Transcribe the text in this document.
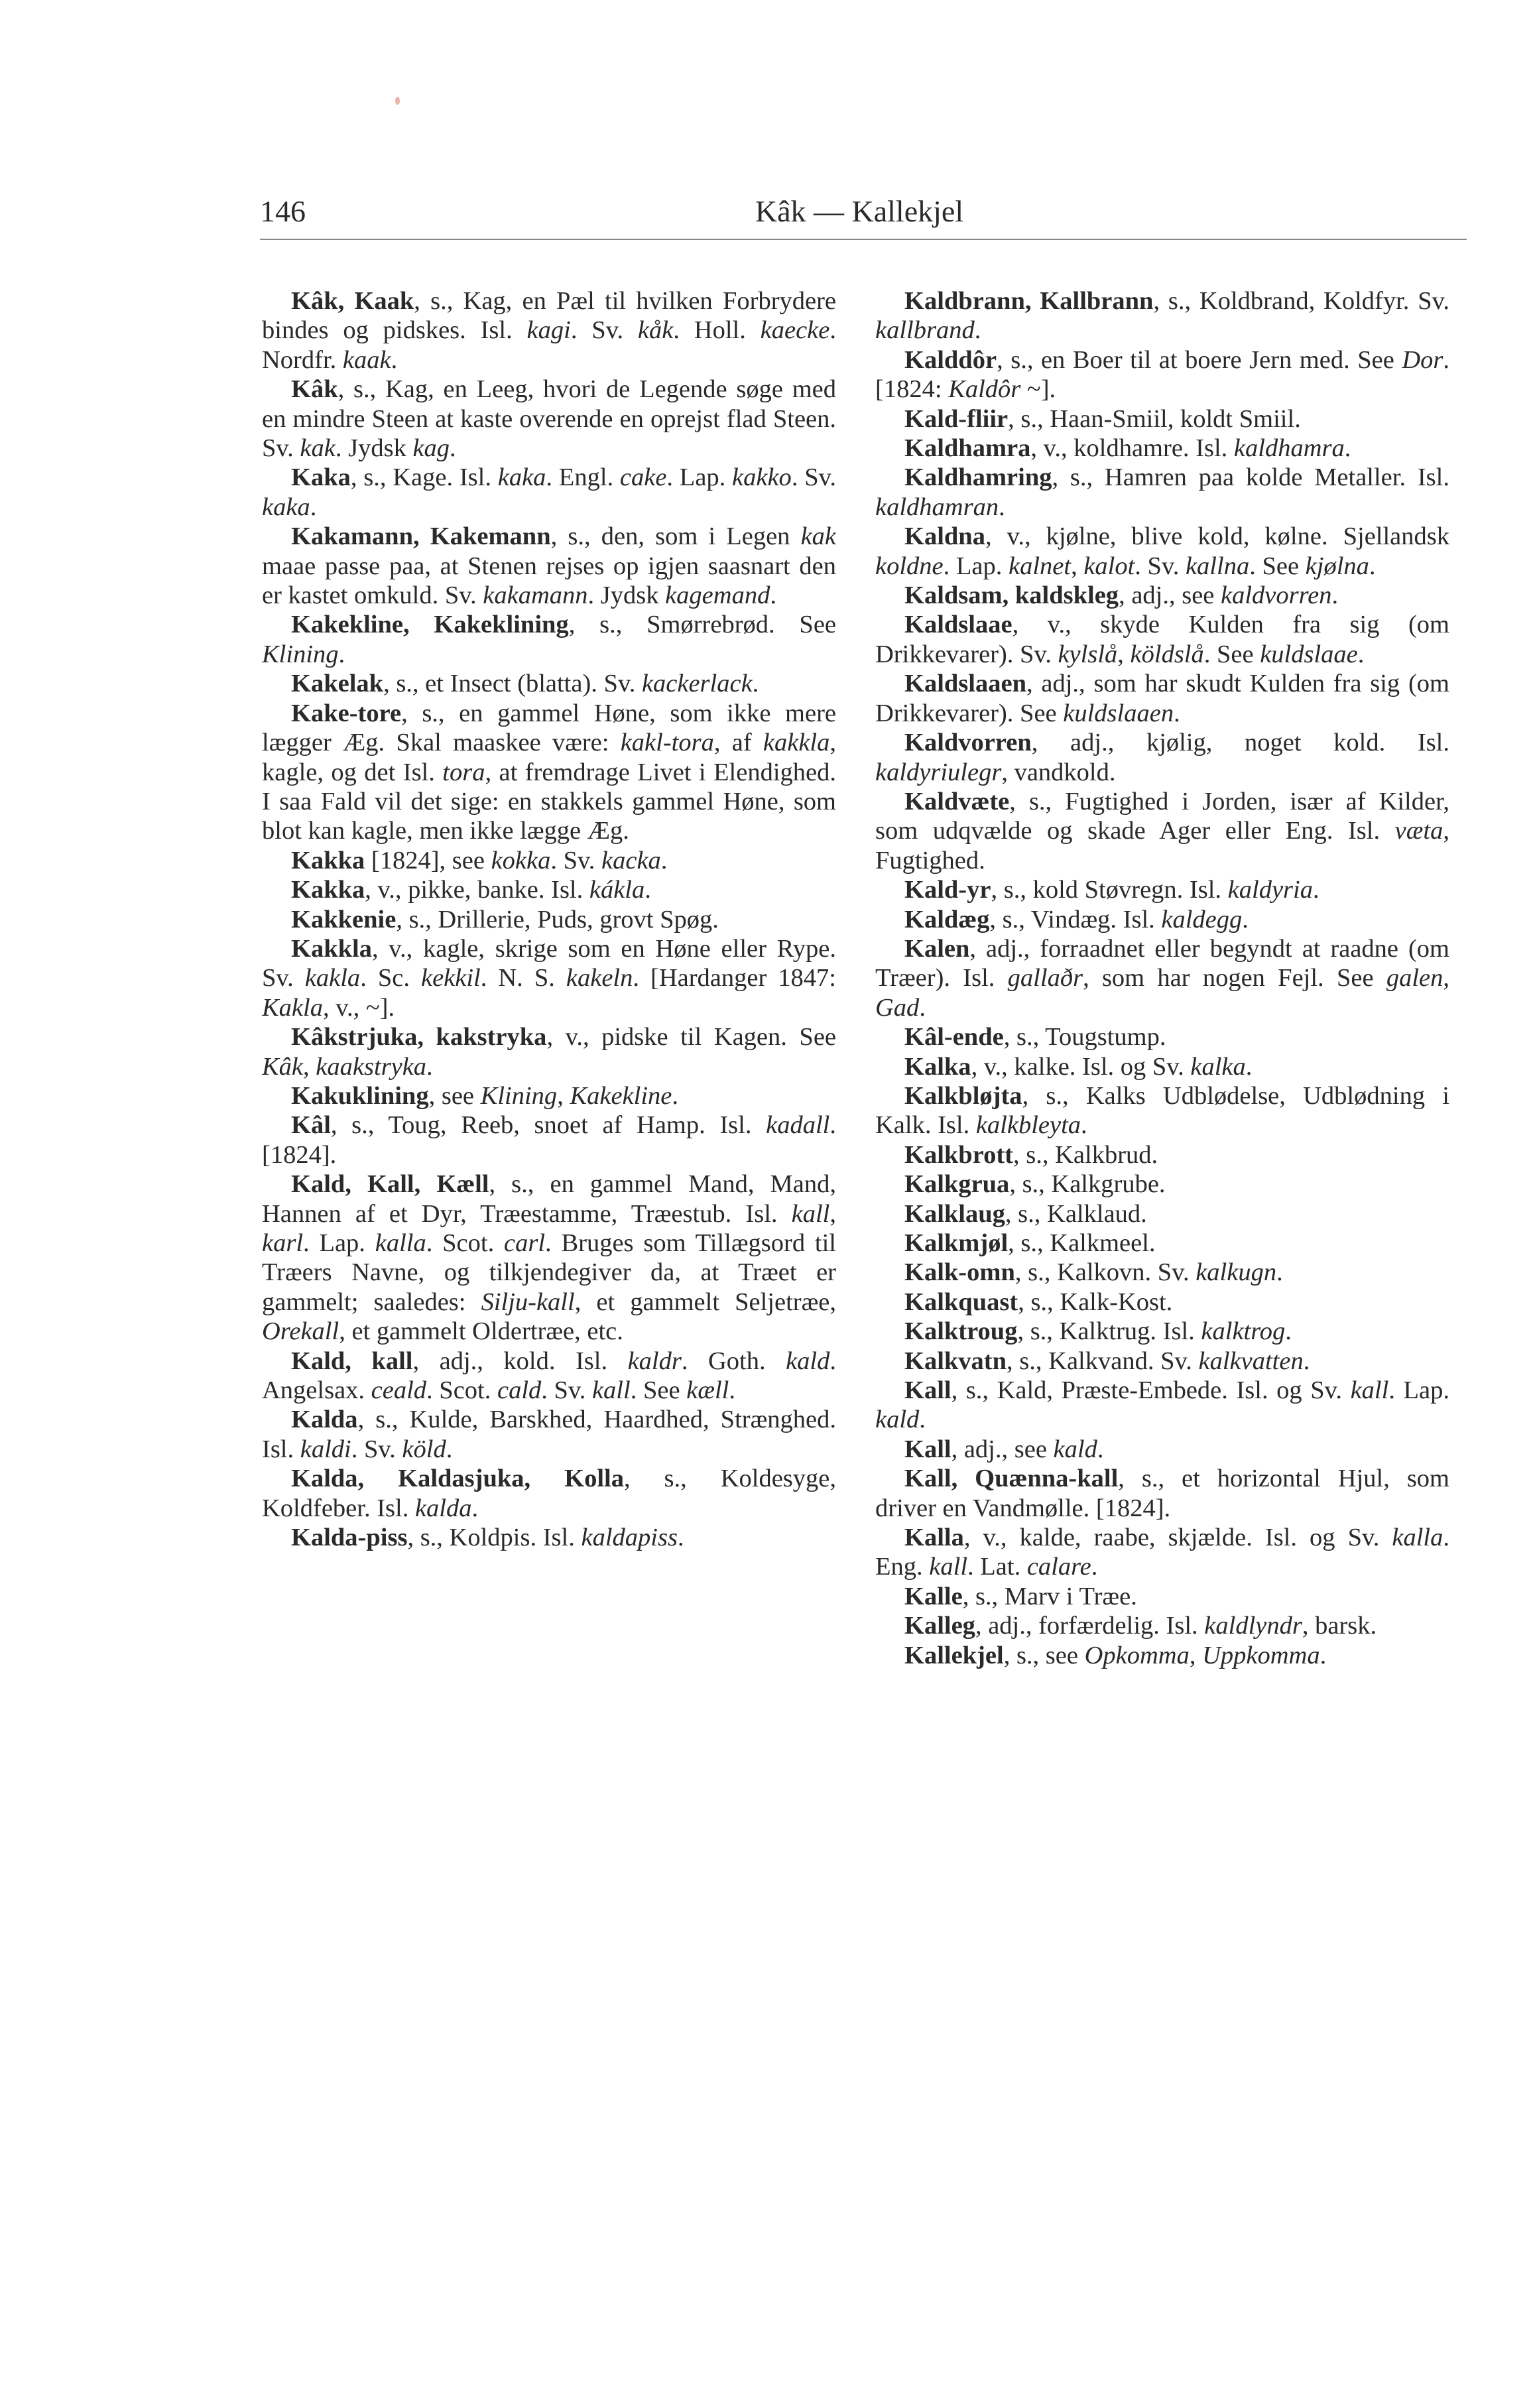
146	Kâk — Kallekjel

Kâk, Kaak, s., Kag, en Pæl til hvilken Forbrydere bindes og pidskes. Isl. kagi. Sv. kåk. Holl. kaecke. Nordfr. kaak.

Kâk, s., Kag, en Leeg, hvori de Legende søge med en mindre Steen at kaste overende en oprejst flad Steen. Sv. kak. Jydsk kag.

Kaka, s., Kage. Isl. kaka. Engl. cake. Lap. kakko. Sv. kaka.

Kakamann, Kakemann, s., den, som i Legen kak maae passe paa, at Stenen rejses op igjen saasnart den er kastet omkuld. Sv. kakamann. Jydsk kagemand.

Kakekline, Kakeklining, s., Smørrebrød. See Klining.

Kakelak, s., et Insect (blatta). Sv. kackerlack.

Kake-tore, s., en gammel Høne, som ikke mere lægger Æg. Skal maaskee være: kakl-tora, af kakkla, kagle, og det Isl. tora, at fremdrage Livet i Elendighed. I saa Fald vil det sige: en stakkels gammel Høne, som blot kan kagle, men ikke lægge Æg.

Kakka [1824], see kokka. Sv. kacka.

Kakka, v., pikke, banke. Isl. kákla.

Kakkenie, s., Drillerie, Puds, grovt Spøg.

Kakkla, v., kagle, skrige som en Høne eller Rype. Sv. kakla. Sc. kekkil. N. S. kakeln. [Hardanger 1847: Kakla, v., ~].

Kâkstrjuka, kakstryka, v., pidske til Kagen. See Kâk, kaakstryka.

Kakuklining, see Klining, Kakekline.

Kâl, s., Toug, Reeb, snoet af Hamp. Isl. kadall. [1824].

Kald, Kall, Kæll, s., en gammel Mand, Mand, Hannen af et Dyr, Træestamme, Træestub. Isl. kall, karl. Lap. kalla. Scot. carl. Bruges som Tillægsord til Træers Navne, og tilkjendegiver da, at Træet er gammelt; saaledes: Silju-kall, et gammelt Seljetræe, Orekall, et gammelt Oldertræe, etc.

Kald, kall, adj., kold. Isl. kaldr. Goth. kald. Angelsax. ceald. Scot. cald. Sv. kall. See kæll.

Kalda, s., Kulde, Barskhed, Haardhed, Strænghed. Isl. kaldi. Sv. köld.

Kalda, Kaldasjuka, Kolla, s., Koldesyge, Koldfeber. Isl. kalda.

Kalda-piss, s., Koldpis. Isl. kaldapiss.

Kaldbrann, Kallbrann, s., Koldbrand, Koldfyr. Sv. kallbrand.

Kalddôr, s., en Boer til at boere Jern med. See Dor. [1824: Kaldôr ~].

Kald-fliir, s., Haan-Smiil, koldt Smiil.

Kaldhamra, v., koldhamre. Isl. kaldhamra.

Kaldhamring, s., Hamren paa kolde Metaller. Isl. kaldhamran.

Kaldna, v., kjølne, blive kold, kølne. Sjellandsk koldne. Lap. kalnet, kalot. Sv. kallna. See kjølna.

Kaldsam, kaldskleg, adj., see kaldvorren.

Kaldslaae, v., skyde Kulden fra sig (om Drikkevarer). Sv. kylslå, köldslå. See kuldslaae.

Kaldslaaen, adj., som har skudt Kulden fra sig (om Drikkevarer). See kuldslaaen.

Kaldvorren, adj., kjølig, noget kold. Isl. kaldyriulegr, vandkold.

Kaldvæte, s., Fugtighed i Jorden, især af Kilder, som udqvælde og skade Ager eller Eng. Isl. væta, Fugtighed.

Kald-yr, s., kold Støvregn. Isl. kaldyria.

Kaldæg, s., Vindæg. Isl. kaldegg.

Kalen, adj., forraadnet eller begyndt at raadne (om Træer). Isl. gallaðr, som har nogen Fejl. See galen, Gad.

Kâl-ende, s., Tougstump.

Kalka, v., kalke. Isl. og Sv. kalka.

Kalkbløjta, s., Kalks Udblødelse, Udblødning i Kalk. Isl. kalkbleyta.

Kalkbrott, s., Kalkbrud.

Kalkgrua, s., Kalkgrube.

Kalklaug, s., Kalklaud.

Kalkmjøl, s., Kalkmeel.

Kalk-omn, s., Kalkovn. Sv. kalkugn.

Kalkquast, s., Kalk-Kost.

Kalktroug, s., Kalktrug. Isl. kalktrog.

Kalkvatn, s., Kalkvand. Sv. kalkvatten.

Kall, s., Kald, Præste-Embede. Isl. og Sv. kall. Lap. kald.

Kall, adj., see kald.

Kall, Quænna-kall, s., et horizontal Hjul, som driver en Vandmølle. [1824].

Kalla, v., kalde, raabe, skjælde. Isl. og Sv. kalla. Eng. kall. Lat. calare.

Kalle, s., Marv i Træe.

Kalleg, adj., forfærdelig. Isl. kaldlyndr, barsk.

Kallekjel, s., see Opkomma, Uppkomma.
